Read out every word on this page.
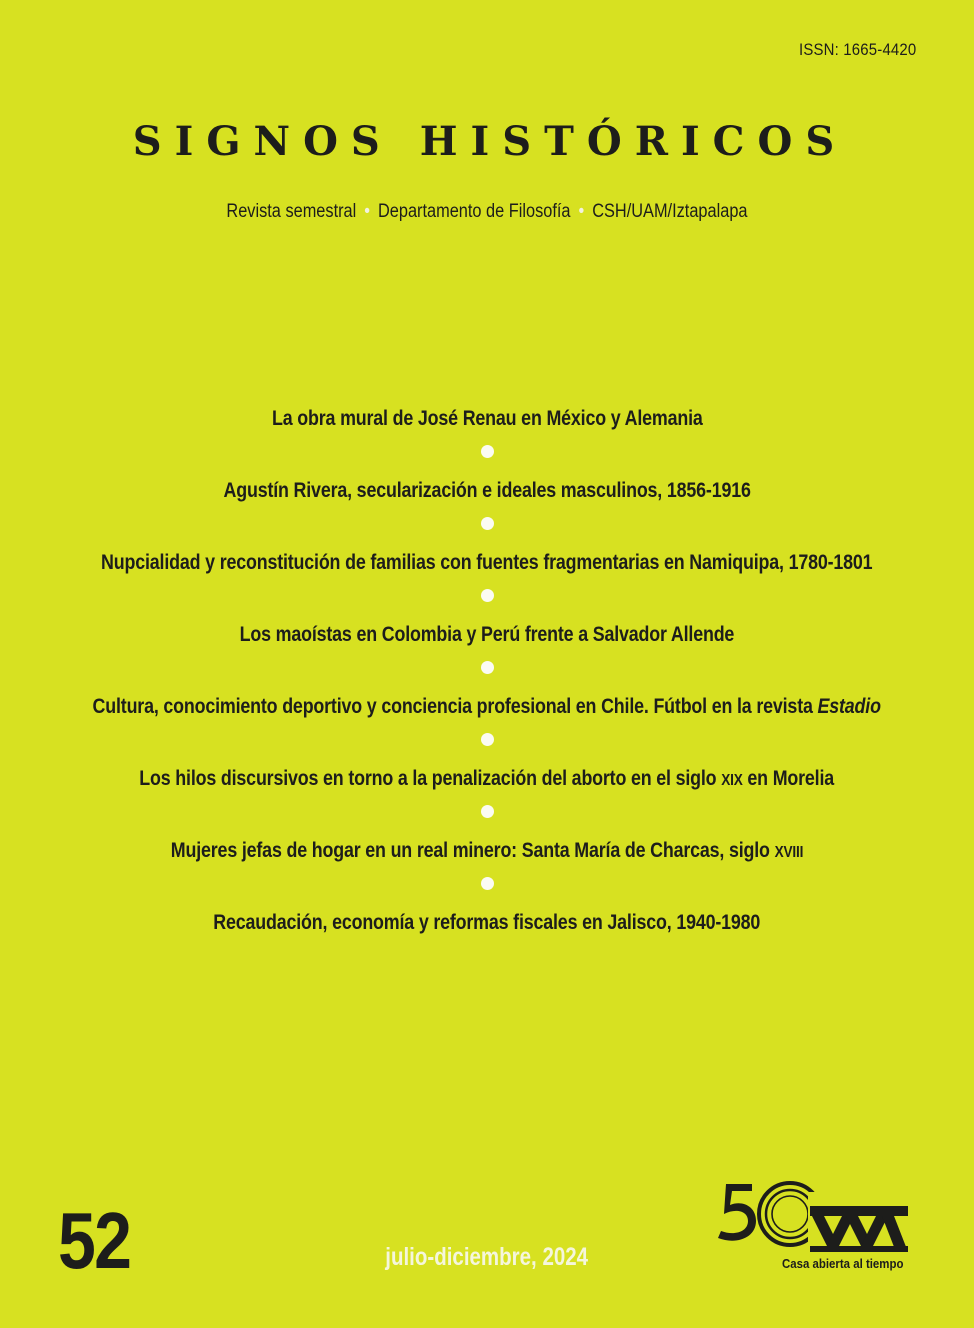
ISSN: 1665-4420
SIGNOS HISTÓRICOS
Revista semestral • Departamento de Filosofía • CSH/UAM/Iztapalapa
La obra mural de José Renau en México y Alemania
Agustín Rivera, secularización e ideales masculinos, 1856-1916
Nupcialidad y reconstitución de familias con fuentes fragmentarias en Namiquipa, 1780-1801
Los maoístas en Colombia y Perú frente a Salvador Allende
Cultura, conocimiento deportivo y conciencia profesional en Chile. Fútbol en la revista Estadio
Los hilos discursivos en torno a la penalización del aborto en el siglo XIX en Morelia
Mujeres jefas de hogar en un real minero: Santa María de Charcas, siglo XVIII
Recaudación, economía y reformas fiscales en Jalisco, 1940-1980
52	julio-diciembre, 2024	Casa abierta al tiempo
